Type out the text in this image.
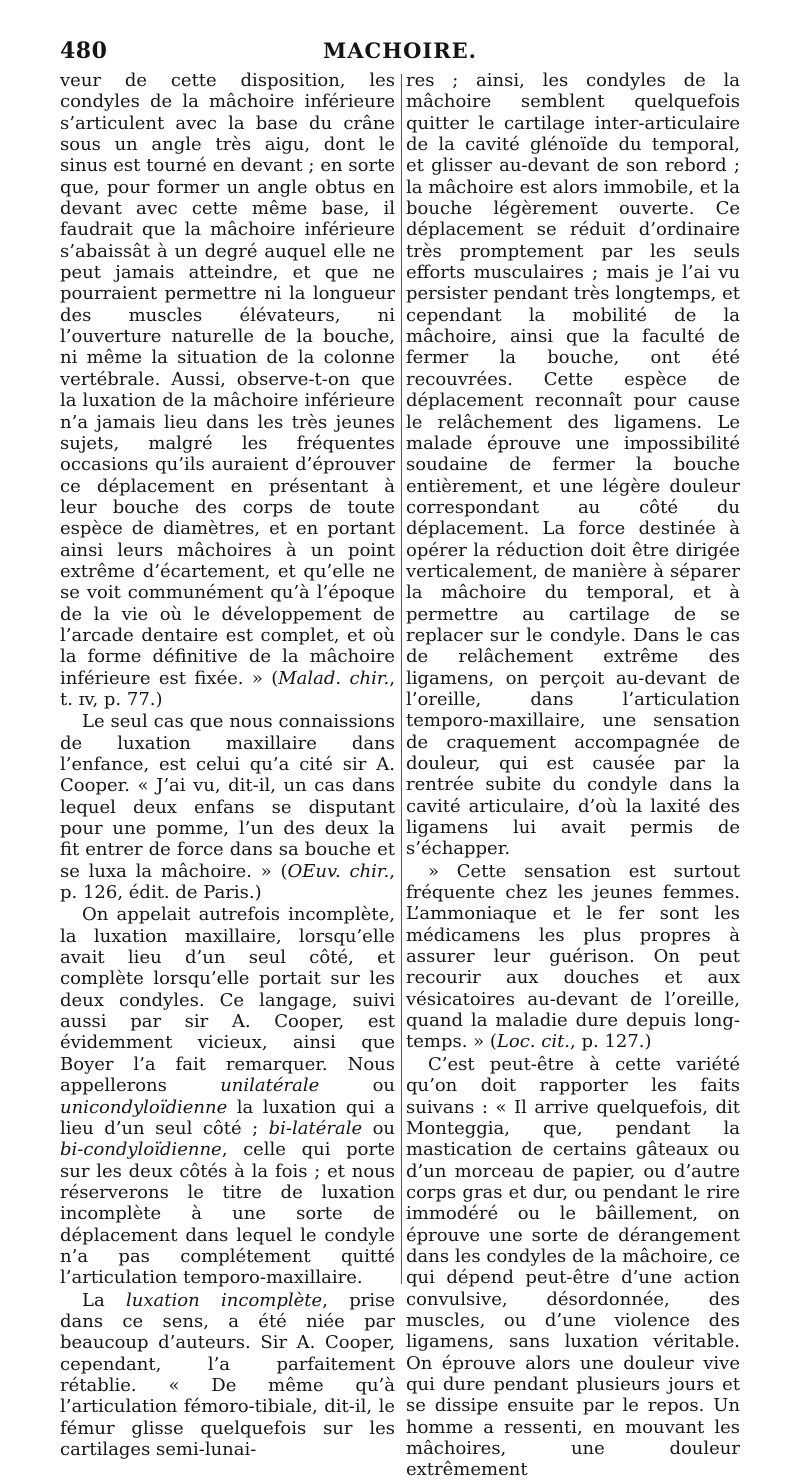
480	MACHOIRE.

veur de cette disposition, les condyles de la mâchoire inférieure s’articulent avec la base du crâne sous un angle très aigu, dont le sinus est tourné en devant ; en sorte que, pour former un angle obtus en devant avec cette même base, il faudrait que la mâchoire inférieure s’abaissât à un degré auquel elle ne peut jamais atteindre, et que ne pourraient permettre ni la longueur des muscles élévateurs, ni l’ouverture naturelle de la bouche, ni même la situation de la colonne vertébrale. Aussi, observe-t-on que la luxation de la mâchoire inférieure n’a jamais lieu dans les très jeunes sujets, malgré les fréquentes occasions qu’ils auraient d’éprouver ce déplacement en présentant à leur bouche des corps de toute espèce de diamètres, et en portant ainsi leurs mâchoires à un point extrême d’écartement, et qu’elle ne se voit communément qu’à l’époque de la vie où le développement de l’arcade dentaire est complet, et où la forme définitive de la mâchoire inférieure est fixée. » (Malad. chir., t. ɪv, p. 77.)

Le seul cas que nous connaissions de luxation maxillaire dans l’enfance, est celui qu’a cité sir A. Cooper. « J’ai vu, dit-il, un cas dans lequel deux enfans se disputant pour une pomme, l’un des deux la fit entrer de force dans sa bouche et se luxa la mâchoire. » (OEuv. chir., p. 126, édit. de Paris.)

On appelait autrefois incomplète, la luxation maxillaire, lorsqu’elle avait lieu d’un seul côté, et complète lorsqu’elle portait sur les deux condyles. Ce langage, suivi aussi par sir A. Cooper, est évidemment vicieux, ainsi que Boyer l’a fait remarquer. Nous appellerons unilatérale ou unicondyloïdienne la luxation qui a lieu d’un seul côté ; bi-latérale ou bi-condyloïdienne, celle qui porte sur les deux côtés à la fois ; et nous réserverons le titre de luxation incomplète à une sorte de déplacement dans lequel le condyle n’a pas complétement quitté l’articulation temporo-maxillaire.

La luxation incomplète, prise dans ce sens, a été niée par beaucoup d’auteurs. Sir A. Cooper, cependant, l’a parfaitement rétablie. « De même qu’à l’articulation fémoro-tibiale, dit-il, le fémur glisse quelquefois sur les cartilages semi-lunai-

res ; ainsi, les condyles de la mâchoire semblent quelquefois quitter le cartilage inter-articulaire de la cavité glénoïde du temporal, et glisser au-devant de son rebord ; la mâchoire est alors immobile, et la bouche légèrement ouverte. Ce déplacement se réduit d’ordinaire très promptement par les seuls efforts musculaires ; mais je l’ai vu persister pendant très longtemps, et cependant la mobilité de la mâchoire, ainsi que la faculté de fermer la bouche, ont été recouvrées. Cette espèce de déplacement reconnaît pour cause le relâchement des ligamens. Le malade éprouve une impossibilité soudaine de fermer la bouche entièrement, et une légère douleur correspondant au côté du déplacement. La force destinée à opérer la réduction doit être dirigée verticalement, de manière à séparer la mâchoire du temporal, et à permettre au cartilage de se replacer sur le condyle. Dans le cas de relâchement extrême des ligamens, on perçoit au-devant de l’oreille, dans l’articulation temporo-maxillaire, une sensation de craquement accompagnée de douleur, qui est causée par la rentrée subite du condyle dans la cavité articulaire, d’où la laxité des ligamens lui avait permis de s’échapper.

» Cette sensation est surtout fréquente chez les jeunes femmes. L’ammoniaque et le fer sont les médicamens les plus propres à assurer leur guérison. On peut recourir aux douches et aux vésicatoires au-devant de l’oreille, quand la maladie dure depuis long-temps. » (Loc. cit., p. 127.)

C’est peut-être à cette variété qu’on doit rapporter les faits suivans : « Il arrive quelquefois, dit Monteggia, que, pendant la mastication de certains gâteaux ou d’un morceau de papier, ou d’autre corps gras et dur, ou pendant le rire immodéré ou le bâillement, on éprouve une sorte de dérangement dans les condyles de la mâchoire, ce qui dépend peut-être d’une action convulsive, désordonnée, des muscles, ou d’une violence des ligamens, sans luxation véritable. On éprouve alors une douleur vive qui dure pendant plusieurs jours et se dissipe ensuite par le repos. Un homme a ressenti, en mouvant les mâchoires, une douleur extrêmement
